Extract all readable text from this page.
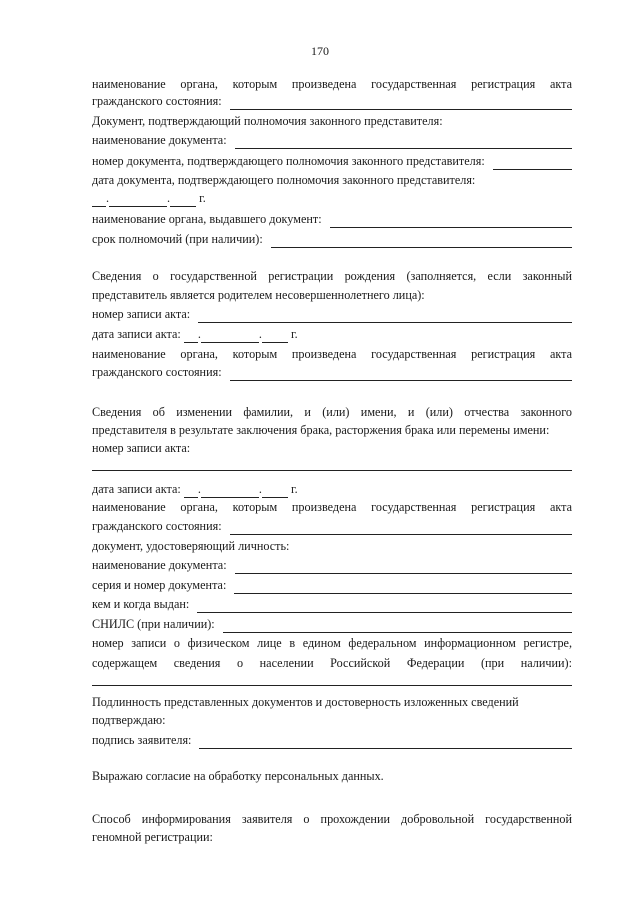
170
наименование органа, которым произведена государственная регистрация акта
гражданского состояния:
Документ, подтверждающий полномочия законного представителя:
наименование документа:
номер документа, подтверждающего полномочия законного представителя:
дата документа, подтверждающего полномочия законного представителя:
.	. г.
наименование органа, выдавшего документ:
срок полномочий (при наличии):
Сведения о государственной регистрации рождения (заполняется, если законный
представитель является родителем несовершеннолетнего лица):
номер записи акта:
дата записи акта: .	. г.
наименование органа, которым произведена государственная регистрация акта
гражданского состояния:
Сведения об изменении фамилии, и (или) имени, и (или) отчества законного
представителя в результате заключения брака, расторжения брака или перемены имени:
номер записи акта:
дата записи акта: .	. г.
наименование органа, которым произведена государственная регистрация акта
гражданского состояния:
документ, удостоверяющий личность:
наименование документа:
серия и номер документа:
кем и когда выдан:
СНИЛС (при наличии):
номер записи о физическом лице в едином федеральном информационном регистре,
содержащем сведения о населении Российской Федерации (при наличии):
Подлинность представленных документов и достоверность изложенных сведений
подтверждаю:
подпись заявителя:
Выражаю согласие на обработку персональных данных.
Способ информирования заявителя о прохождении добровольной государственной
геномной регистрации:
